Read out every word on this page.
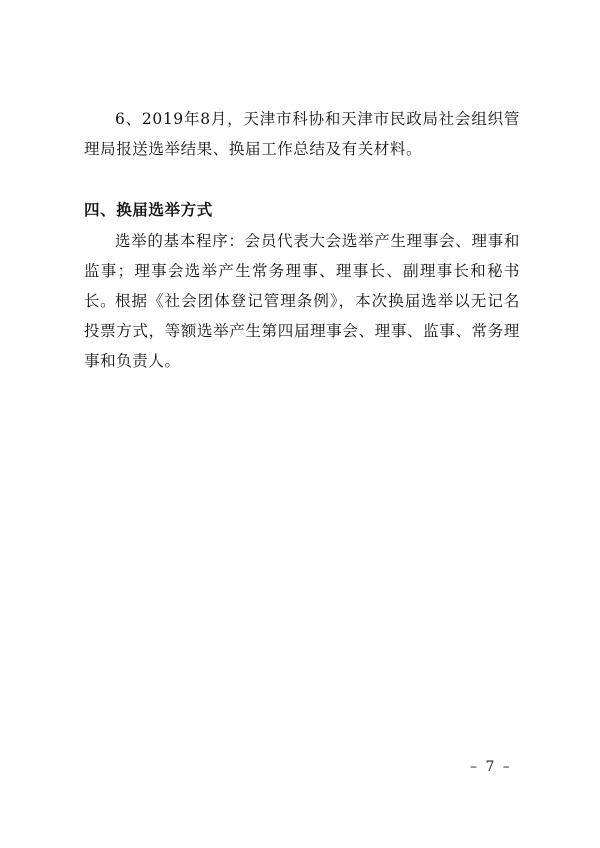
6、2019年8月，天津市科协和天津市民政局社会组织管理局报送选举结果、换届工作总结及有关材料。

四、换届选举方式

选举的基本程序：会员代表大会选举产生理事会、理事和监事；理事会选举产生常务理事、理事长、副理事长和秘书长。

根据《社会团体登记管理条例》，本次换届选举以无记名投票方式，等额选举产生第四届理事会、理事、监事、常务理事和负责人。

– 7 –
